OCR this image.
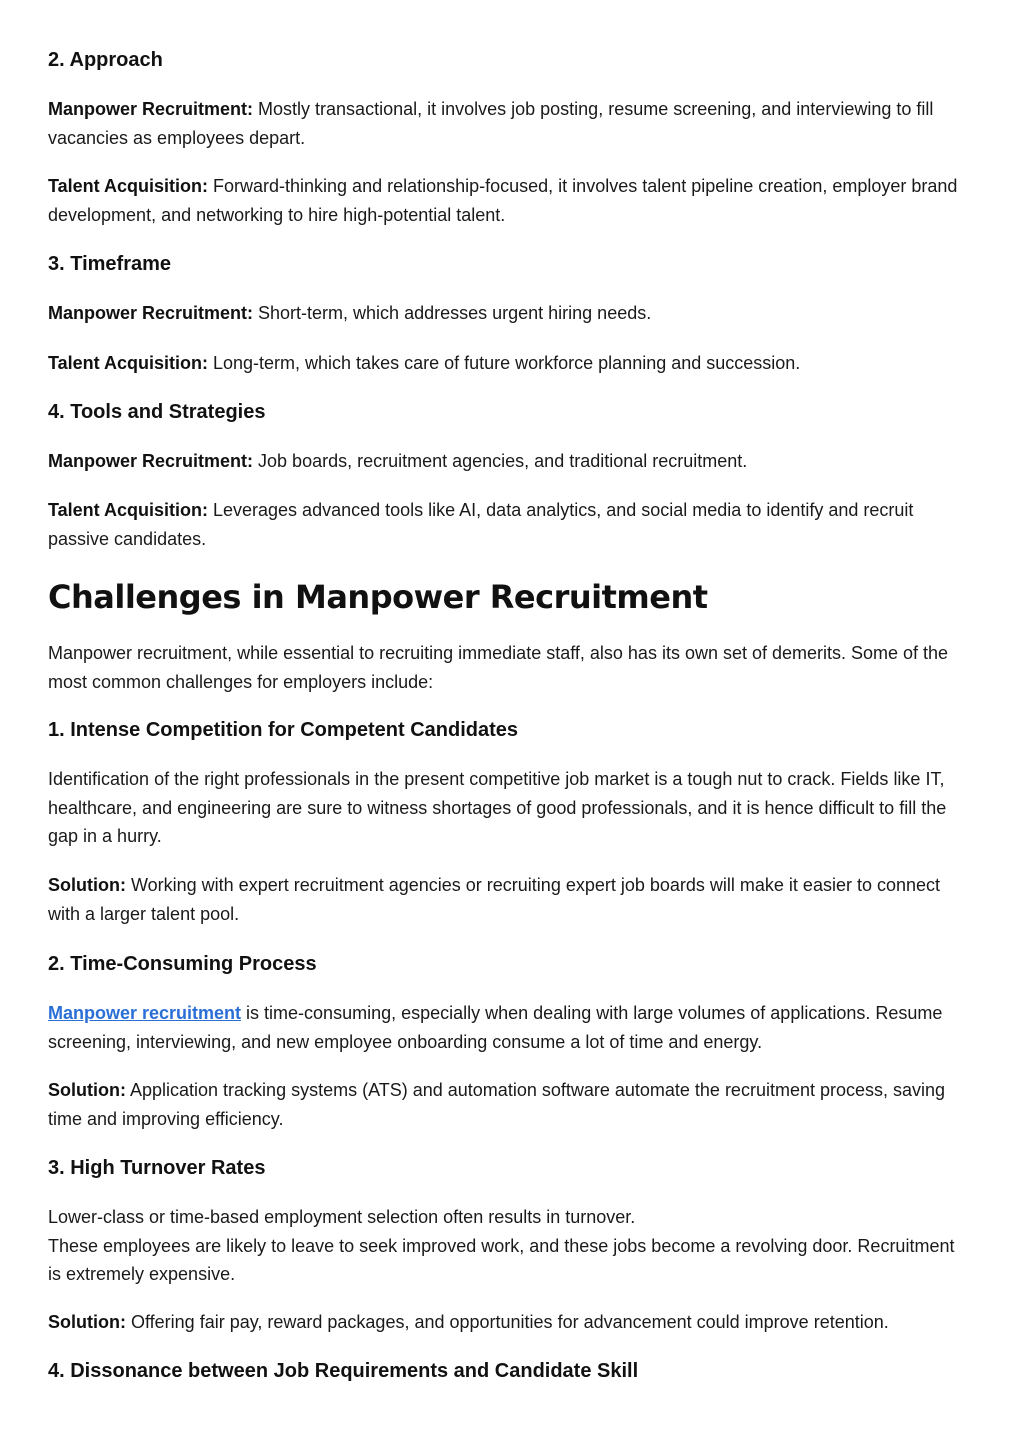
2. Approach

Manpower Recruitment: Mostly transactional, it involves job posting, resume screening, and interviewing to fill vacancies as employees depart.

Talent Acquisition: Forward-thinking and relationship-focused, it involves talent pipeline creation, employer brand development, and networking to hire high-potential talent.

3. Timeframe

Manpower Recruitment: Short-term, which addresses urgent hiring needs.

Talent Acquisition: Long-term, which takes care of future workforce planning and succession.

4. Tools and Strategies

Manpower Recruitment: Job boards, recruitment agencies, and traditional recruitment.

Talent Acquisition: Leverages advanced tools like AI, data analytics, and social media to identify and recruit passive candidates.

Challenges in Manpower Recruitment

Manpower recruitment, while essential to recruiting immediate staff, also has its own set of demerits. Some of the most common challenges for employers include:

1. Intense Competition for Competent Candidates

Identification of the right professionals in the present competitive job market is a tough nut to crack. Fields like IT, healthcare, and engineering are sure to witness shortages of good professionals, and it is hence difficult to fill the gap in a hurry.

Solution: Working with expert recruitment agencies or recruiting expert job boards will make it easier to connect with a larger talent pool.

2. Time-Consuming Process

Manpower recruitment is time-consuming, especially when dealing with large volumes of applications. Resume screening, interviewing, and new employee onboarding consume a lot of time and energy.

Solution: Application tracking systems (ATS) and automation software automate the recruitment process, saving time and improving efficiency.

3. High Turnover Rates

Lower-class or time-based employment selection often results in turnover.

These employees are likely to leave to seek improved work, and these jobs become a revolving door. Recruitment is extremely expensive.

Solution: Offering fair pay, reward packages, and opportunities for advancement could improve retention.

4. Dissonance between Job Requirements and Candidate Skill
